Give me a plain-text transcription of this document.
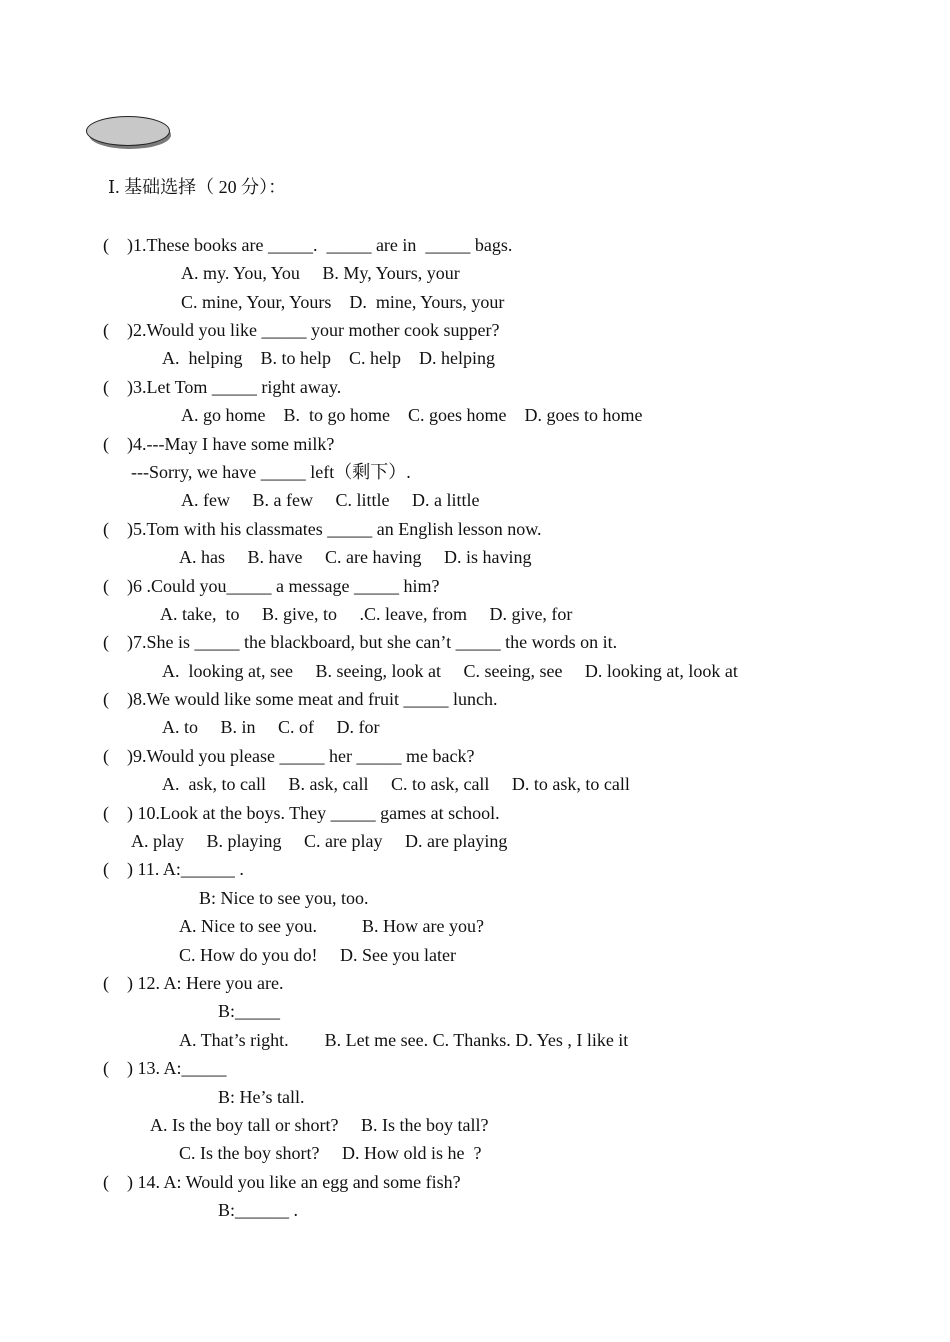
Ⅰ. 基础选择（ 20 分）：
(    )1.These books are _____.  _____ are in  _____ bags.
A. my. You, You     B. My, Yours, your
C. mine, Your, Yours    D.  mine, Yours, your
(    )2.Would you like _____ your mother cook supper?
A.  helping    B. to help    C. help    D. helping
(    )3.Let Tom _____ right away.
A. go home    B.  to go home    C. goes home    D. goes to home
(    )4.---May I have some milk?
---Sorry, we have _____ left（剩下）.
A. few     B. a few     C. little     D. a little
(    )5.Tom with his classmates _____ an English lesson now.
A. has     B. have     C. are having     D. is having
(    )6 .Could you_____ a message _____ him?
A. take,  to     B. give, to     .C. leave, from     D. give, for
(    )7.She is _____ the blackboard, but she can’t _____ the words on it.
A.  looking at, see     B. seeing, look at     C. seeing, see     D. looking at, look at
(    )8.We would like some meat and fruit _____ lunch.
A. to     B. in     C. of     D. for
(    )9.Would you please _____ her _____ me back?
A.  ask, to call     B. ask, call     C. to ask, call     D. to ask, to call
(    ) 10.Look at the boys. They _____ games at school.
A. play     B. playing     C. are play     D. are playing
(    ) 11. A:______ .
B: Nice to see you, too.
A. Nice to see you.          B. How are you?
C. How do you do!     D. See you later
(    ) 12. A: Here you are.
B:_____
A. That’s right.        B. Let me see. C. Thanks. D. Yes , I like it
(    ) 13. A:_____
B: He’s tall.
A. Is the boy tall or short?     B. Is the boy tall?
C. Is the boy short?     D. How old is he  ?
(    ) 14. A: Would you like an egg and some fish?
B:______ .
